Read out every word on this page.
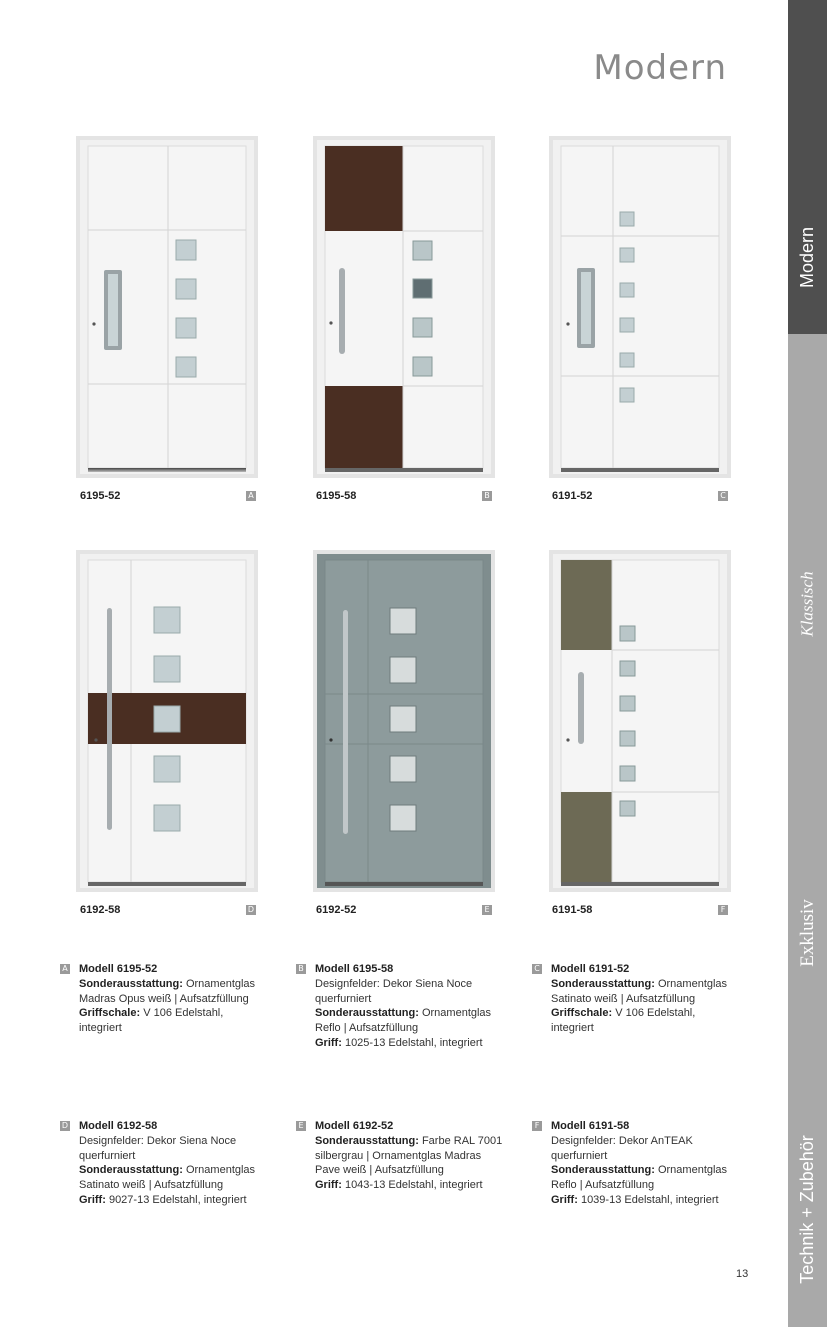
Modern
Modern
Klassisch
Exklusiv
Technik + Zubehör
6195-52	A	6195-58	B	6191-52	C
6192-58	D	6192-52	E	6191-58	F
A Modell 6195-52
Sonderausstattung: Ornamentglas
Madras Opus weiß | Aufsatzfüllung
Griffschale: V 106 Edelstahl,
integriert
B Modell 6195-58
Designfelder: Dekor Siena Noce
querfurniert
Sonderausstattung: Ornamentglas
Reflo | Aufsatzfüllung
Griff: 1025-13 Edelstahl, integriert
C Modell 6191-52
Sonderausstattung: Ornamentglas
Satinato weiß | Aufsatzfüllung
Griffschale: V 106 Edelstahl,
integriert
D Modell 6192-58
Designfelder: Dekor Siena Noce
querfurniert
Sonderausstattung: Ornamentglas
Satinato weiß | Aufsatzfüllung
Griff: 9027-13 Edelstahl, integriert
E Modell 6192-52
Sonderausstattung: Farbe RAL 7001
silbergrau | Ornamentglas Madras
Pave weiß | Aufsatzfüllung
Griff: 1043-13 Edelstahl, integriert
F Modell 6191-58
Designfelder: Dekor AnTEAK
querfurniert
Sonderausstattung: Ornamentglas
Reflo | Aufsatzfüllung
Griff: 1039-13 Edelstahl, integriert
13
